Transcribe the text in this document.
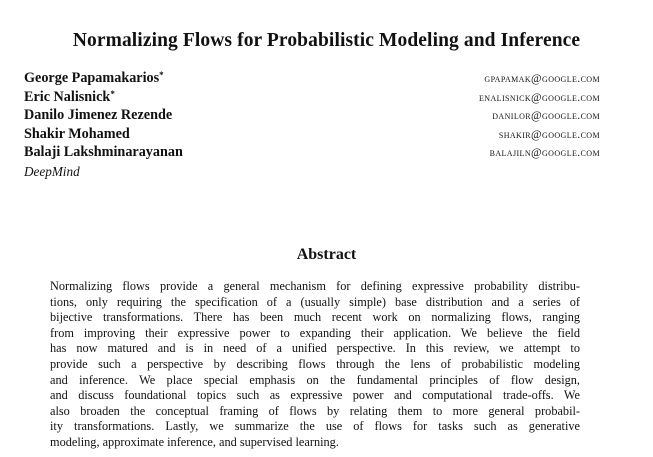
Normalizing Flows for Probabilistic Modeling and Inference
George Papamakarios*	gpapamak@google.com
Eric Nalisnick*	enalisnick@google.com
Danilo Jimenez Rezende	danilor@google.com
Shakir Mohamed	shakir@google.com
Balaji Lakshminarayanan	balajiln@google.com
DeepMind
Abstract
Normalizing flows provide a general mechanism for defining expressive probability distribu-
tions, only requiring the specification of a (usually simple) base distribution and a series of
bijective transformations. There has been much recent work on normalizing flows, ranging
from improving their expressive power to expanding their application. We believe the field
has now matured and is in need of a unified perspective. In this review, we attempt to
provide such a perspective by describing flows through the lens of probabilistic modeling
and inference. We place special emphasis on the fundamental principles of flow design,
and discuss foundational topics such as expressive power and computational trade-offs. We
also broaden the conceptual framing of flows by relating them to more general probabil-
ity transformations. Lastly, we summarize the use of flows for tasks such as generative
modeling, approximate inference, and supervised learning.
